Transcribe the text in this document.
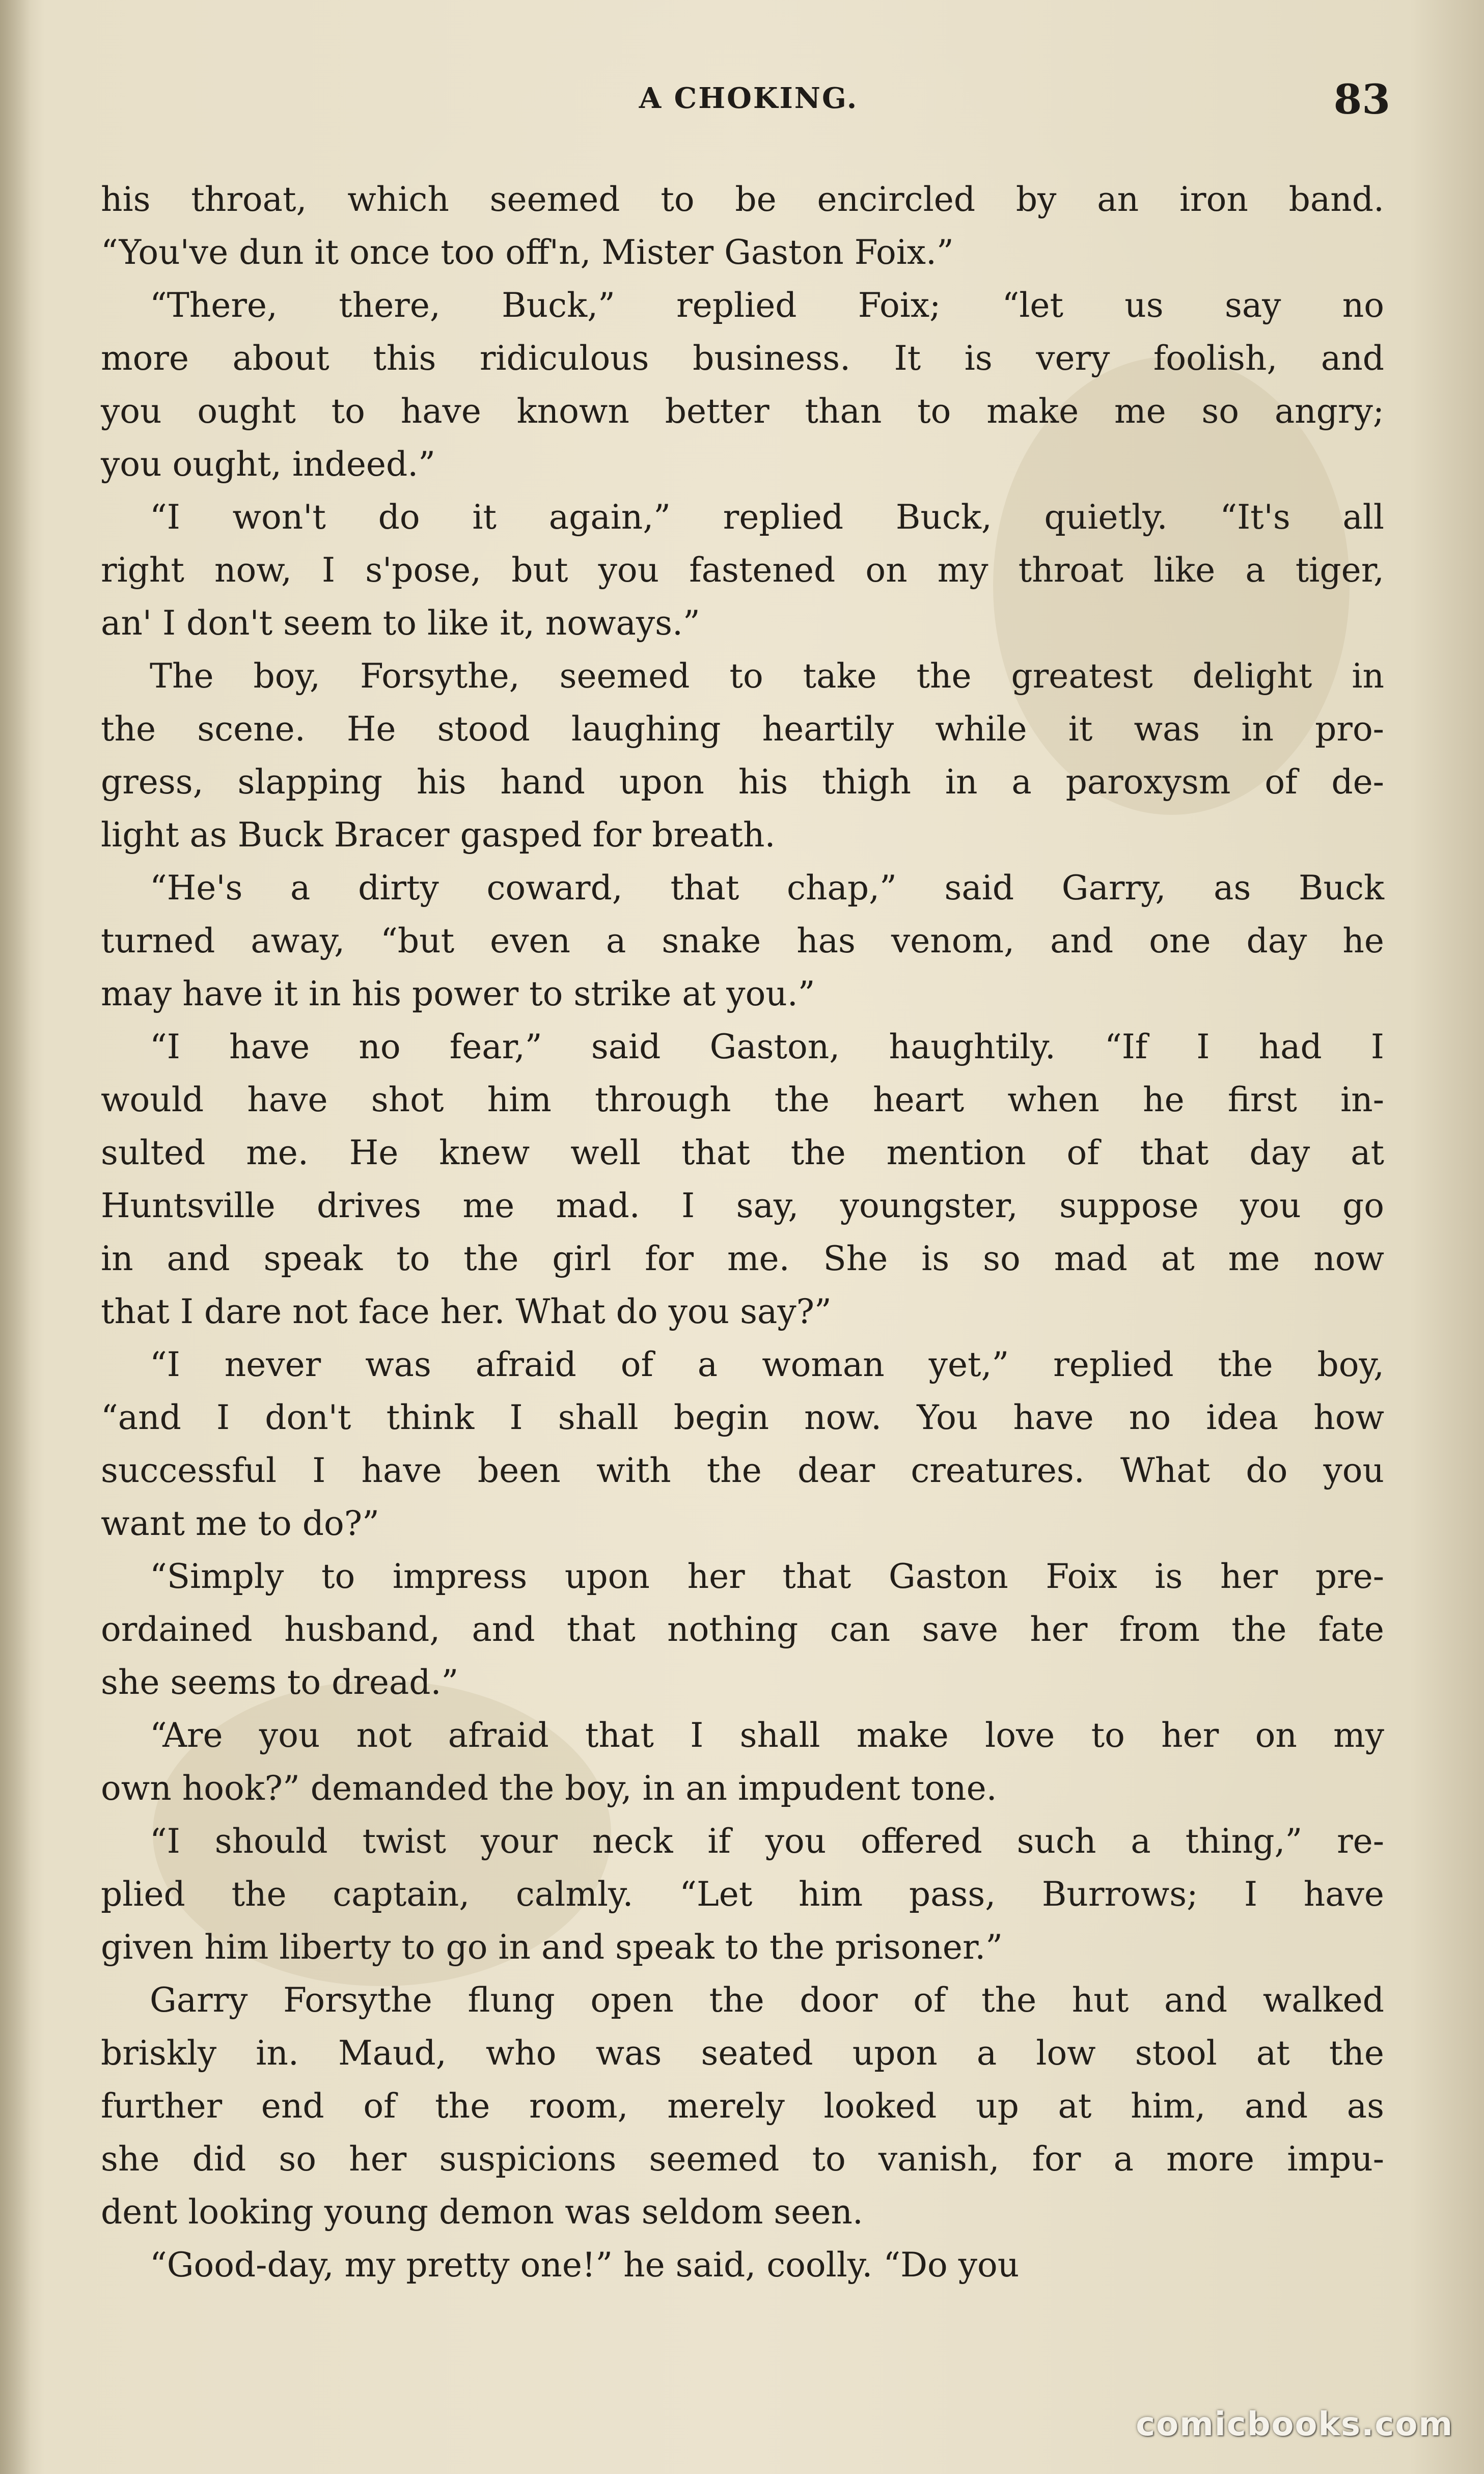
A CHOKING.	83
his throat, which seemed to be encircled by an iron band.
“You've dun it once too off'n, Mister Gaston Foix.”
“There, there, Buck,” replied Foix; “let us say no
more about this ridiculous business. It is very foolish, and
you ought to have known better than to make me so angry;
you ought, indeed.”
“I won't do it again,” replied Buck, quietly. “It's all
right now, I s'pose, but you fastened on my throat like a tiger,
an' I don't seem to like it, noways.”
The boy, Forsythe, seemed to take the greatest delight in
the scene. He stood laughing heartily while it was in pro-
gress, slapping his hand upon his thigh in a paroxysm of de-
light as Buck Bracer gasped for breath.
“He's a dirty coward, that chap,” said Garry, as Buck
turned away, “but even a snake has venom, and one day he
may have it in his power to strike at you.”
“I have no fear,” said Gaston, haughtily. “If I had I
would have shot him through the heart when he first in-
sulted me. He knew well that the mention of that day at
Huntsville drives me mad. I say, youngster, suppose you go
in and speak to the girl for me. She is so mad at me now
that I dare not face her. What do you say?”
“I never was afraid of a woman yet,” replied the boy,
“and I don't think I shall begin now. You have no idea how
successful I have been with the dear creatures. What do you
want me to do?”
“Simply to impress upon her that Gaston Foix is her pre-
ordained husband, and that nothing can save her from the fate
she seems to dread.”
“Are you not afraid that I shall make love to her on my
own hook?” demanded the boy, in an impudent tone.
“I should twist your neck if you offered such a thing,” re-
plied the captain, calmly. “Let him pass, Burrows; I have
given him liberty to go in and speak to the prisoner.”
Garry Forsythe flung open the door of the hut and walked
briskly in. Maud, who was seated upon a low stool at the
further end of the room, merely looked up at him, and as
she did so her suspicions seemed to vanish, for a more impu-
dent looking young demon was seldom seen.
“Good-day, my pretty one!” he said, coolly. “Do you
comicbooks.com
